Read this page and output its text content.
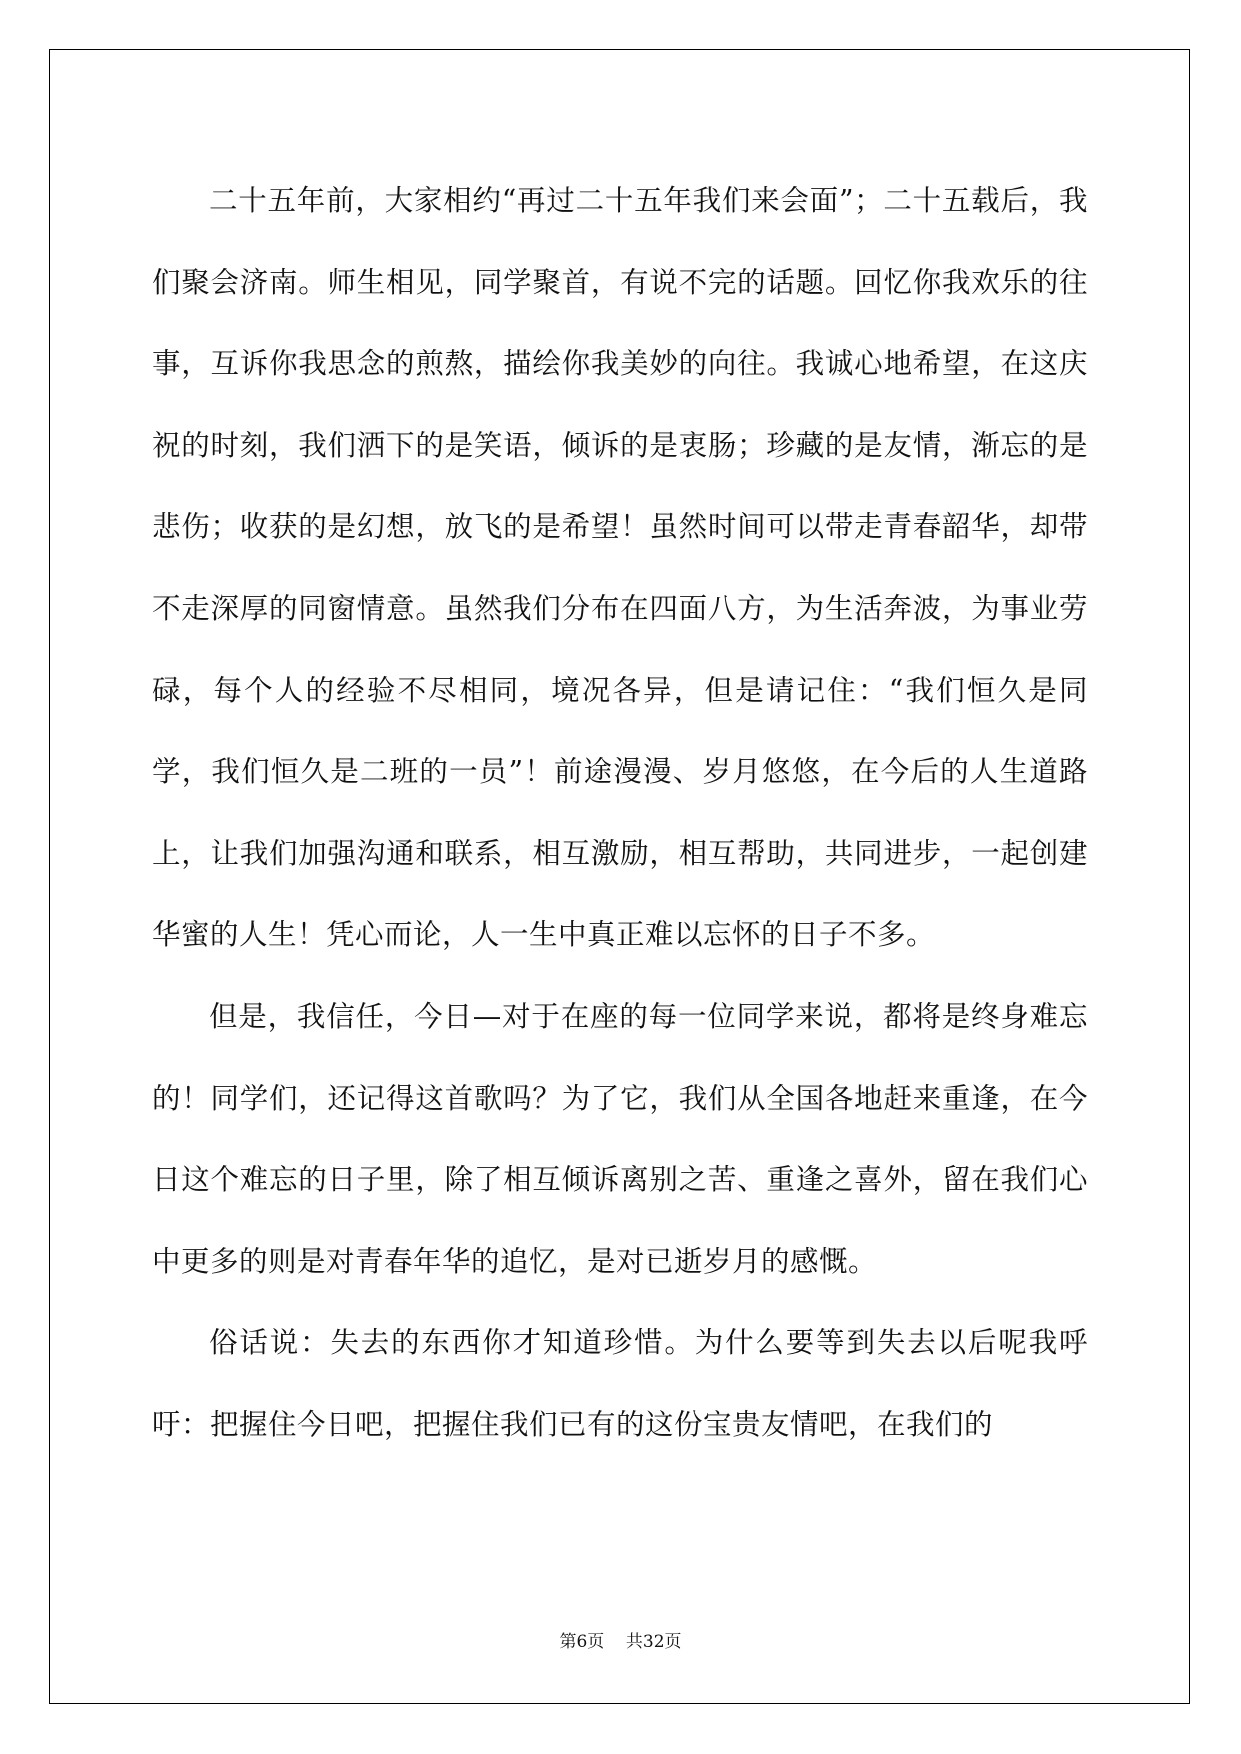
二十五年前，大家相约“再过二十五年我们来会面”；二十五载后，我们聚会济南。师生相见，同学聚首，有说不完的话题。回忆你我欢乐的往事，互诉你我思念的煎熬，描绘你我美妙的向往。我诚心地希望，在这庆祝的时刻，我们洒下的是笑语，倾诉的是衷肠；珍藏的是友情，渐忘的是悲伤；收获的是幻想，放飞的是希望！虽然时间可以带走青春韶华，却带不走深厚的同窗情意。虽然我们分布在四面八方，为生活奔波，为事业劳碌，每个人的经验不尽相同，境况各异，但是请记住：“我们恒久是同学，我们恒久是二班的一员”！前途漫漫、岁月悠悠，在今后的人生道路上，让我们加强沟通和联系，相互激励，相互帮助，共同进步，一起创建华蜜的人生！凭心而论，人一生中真正难以忘怀的日子不多。

但是，我信任，今日—对于在座的每一位同学来说，都将是终身难忘的！同学们，还记得这首歌吗？为了它，我们从全国各地赶来重逢，在今日这个难忘的日子里，除了相互倾诉离别之苦、重逢之喜外，留在我们心中更多的则是对青春年华的追忆，是对已逝岁月的感慨。

俗话说：失去的东西你才知道珍惜。为什么要等到失去以后呢我呼吁：把握住今日吧，把握住我们已有的这份宝贵友情吧，在我们的

第6页 共32页
